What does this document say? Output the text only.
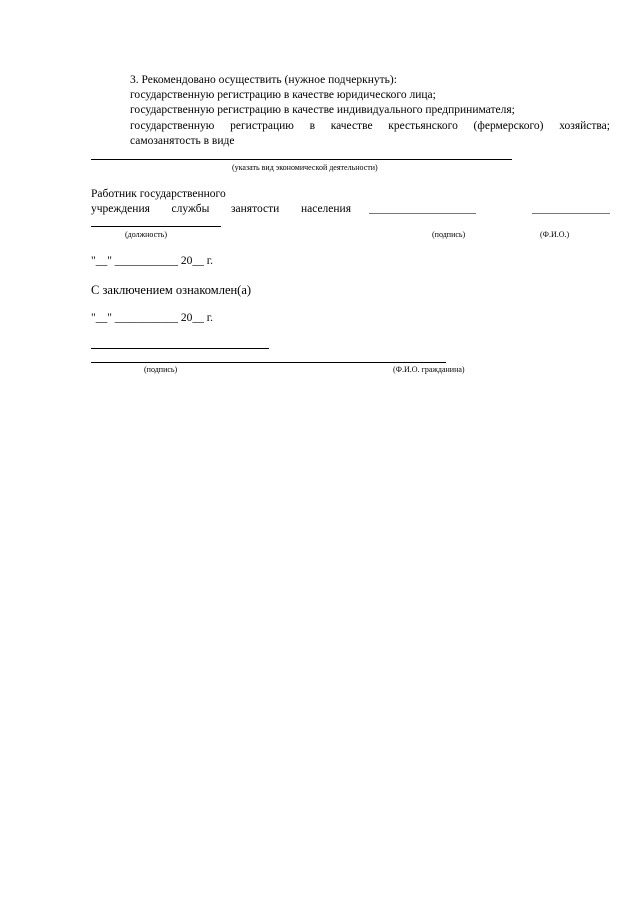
3. Рекомендовано осуществить (нужное подчеркнуть):
государственную регистрацию в качестве юридического лица;
государственную регистрацию в качестве индивидуального предпринимателя;
государственную регистрацию в качестве крестьянского (фермерского) хозяйства;
самозанятость в виде
(указать вид экономической деятельности)
Работник государственного
учреждения службы занятости населения
(должность)	(подпись)	(Ф.И.О.)
"__" ___________ 20__ г.
С заключением ознакомлен(а)
"__" ___________ 20__ г.
(подпись)	(Ф.И.О. гражданина)
